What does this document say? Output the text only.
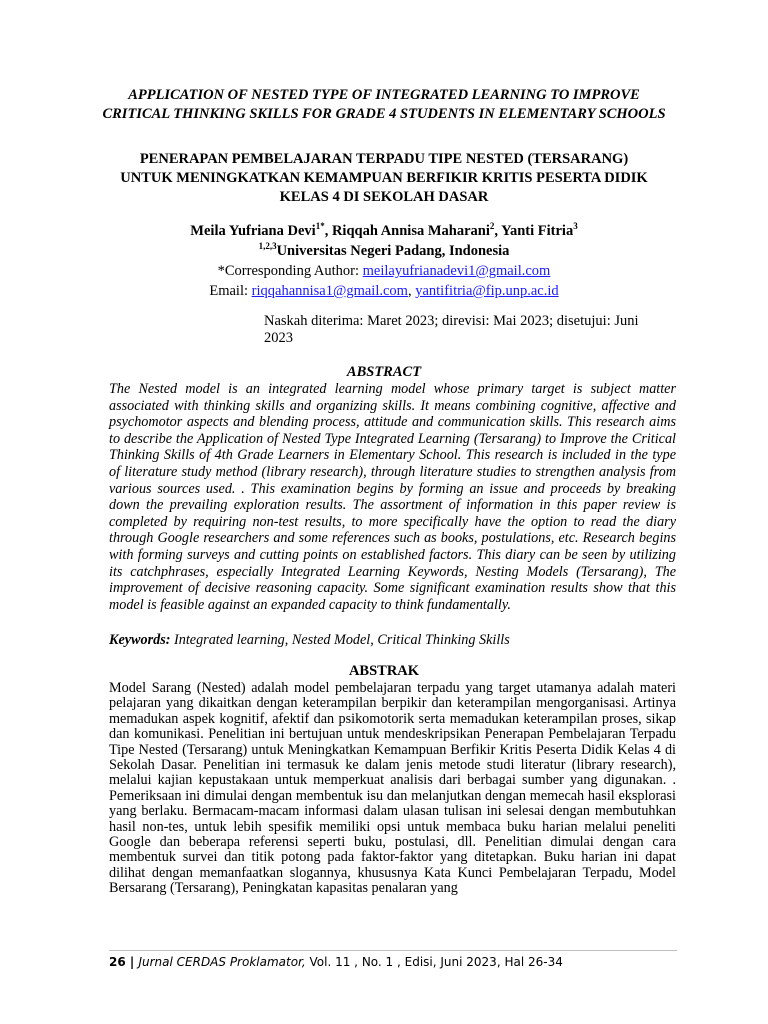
APPLICATION OF NESTED TYPE OF INTEGRATED LEARNING TO IMPROVE CRITICAL THINKING SKILLS FOR GRADE 4 STUDENTS IN ELEMENTARY SCHOOLS
PENERAPAN PEMBELAJARAN TERPADU TIPE NESTED (TERSARANG) UNTUK MENINGKATKAN KEMAMPUAN BERFIKIR KRITIS PESERTA DIDIK KELAS 4 DI SEKOLAH DASAR
Meila Yufriana Devi$^{1*}$, Riqqah Annisa Maharani$^2$, Yanti Fitria$^3$
$^{1,2,3}$Universitas Negeri Padang, Indonesia
*Corresponding Author: meilayufrianadevi1@gmail.com
Email: riqqahannisa1@gmail.com, yantifitria@fip.unp.ac.id
Naskah diterima: Maret 2023; direvisi: Mai 2023; disetujui: Juni 2023
ABSTRACT
The Nested model is an integrated learning model whose primary target is subject matter associated with thinking skills and organizing skills. It means combining cognitive, affective and psychomotor aspects and blending process, attitude and communication skills. This research aims to describe the Application of Nested Type Integrated Learning (Tersarang) to Improve the Critical Thinking Skills of 4th Grade Learners in Elementary School. This research is included in the type of literature study method (library research), through literature studies to strengthen analysis from various sources used. . This examination begins by forming an issue and proceeds by breaking down the prevailing exploration results. The assortment of information in this paper review is completed by requiring non-test results, to more specifically have the option to read the diary through Google researchers and some references such as books, postulations, etc. Research begins with forming surveys and cutting points on established factors. This diary can be seen by utilizing its catchphrases, especially Integrated Learning Keywords, Nesting Models (Tersarang), The improvement of decisive reasoning capacity. Some significant examination results show that this model is feasible against an expanded capacity to think fundamentally.
Keywords: Integrated learning, Nested Model, Critical Thinking Skills
ABSTRAK
Model Sarang (Nested) adalah model pembelajaran terpadu yang target utamanya adalah materi pelajaran yang dikaitkan dengan keterampilan berpikir dan keterampilan mengorganisasi. Artinya memadukan aspek kognitif, afektif dan psikomotorik serta memadukan keterampilan proses, sikap dan komunikasi. Penelitian ini bertujuan untuk mendeskripsikan Penerapan Pembelajaran Terpadu Tipe Nested (Tersarang) untuk Meningkatkan Kemampuan Berfikir Kritis Peserta Didik Kelas 4 di Sekolah Dasar. Penelitian ini termasuk ke dalam jenis metode studi literatur (library research), melalui kajian kepustakaan untuk memperkuat analisis dari berbagai sumber yang digunakan. . Pemeriksaan ini dimulai dengan membentuk isu dan melanjutkan dengan memecah hasil eksplorasi yang berlaku. Bermacam-macam informasi dalam ulasan tulisan ini selesai dengan membutuhkan hasil non-tes, untuk lebih spesifik memiliki opsi untuk membaca buku harian melalui peneliti Google dan beberapa referensi seperti buku, postulasi, dll. Penelitian dimulai dengan cara membentuk survei dan titik potong pada faktor-faktor yang ditetapkan. Buku harian ini dapat dilihat dengan memanfaatkan slogannya, khususnya Kata Kunci Pembelajaran Terpadu, Model Bersarang (Tersarang), Peningkatan kapasitas penalaran yang
26 | Jurnal CERDAS Proklamator, Vol. 11 , No. 1 , Edisi, Juni 2023, Hal 26-34
